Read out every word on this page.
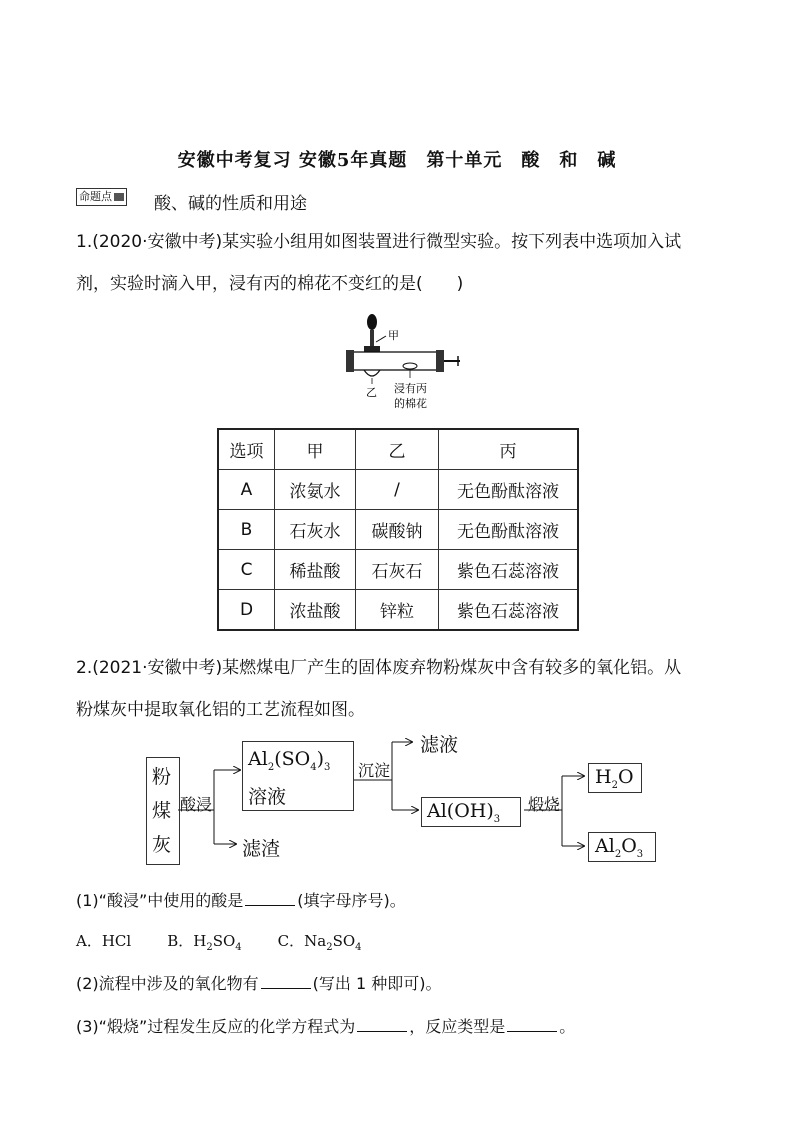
安徽中考复习 安徽5年真题　第十单元　酸　和　碱
命题点	酸、碱的性质和用途
1.(2020·安徽中考)某实验小组用如图装置进行微型实验。按下列表中选项加入试
剂，实验时滴入甲，浸有丙的棉花不变红的是(　　)
甲
乙 浸有丙
的棉花
选项	甲	乙	丙
A	浓氨水	/	无色酚酞溶液
B	石灰水	碳酸钠	无色酚酞溶液
C	稀盐酸	石灰石	紫色石蕊溶液
D	浓盐酸	锌粒	紫色石蕊溶液
2.(2021·安徽中考)某燃煤电厂产生的固体废弃物粉煤灰中含有较多的氧化铝。从
粉煤灰中提取氧化铝的工艺流程如图。
粉
煤
灰
酸浸
$Al_2(SO_4)_3$
溶液
滤渣
沉淀
滤液
$Al(OH)_3$
煅烧
$H_2O$
$Al_2O_3$
(1)“酸浸”中使用的酸是	(填字母序号)。
A．HCl B．$H_2SO_4$ C．$Na_2SO_4$
(2)流程中涉及的氧化物有	(写出 1 种即可)。
(3)“煅烧”过程发生反应的化学方程式为	，反应类型是	。
